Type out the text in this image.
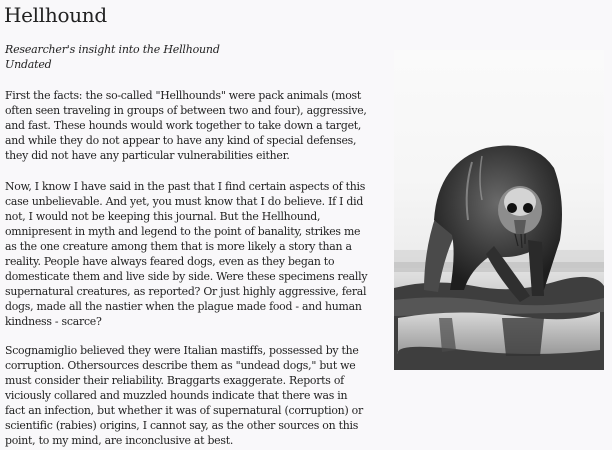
Hellhound
Researcher's insight into the Hellhound
Undated

First the facts: the so-called "Hellhounds" were pack animals (most
often seen traveling in groups of between two and four), aggressive,
and fast. These hounds would work together to take down a target,
and while they do not appear to have any kind of special defenses,
they did not have any particular vulnerabilities either.

Now, I know I have said in the past that I find certain aspects of this
case unbelievable. And yet, you must know that I do believe. If I did
not, I would not be keeping this journal. But the Hellhound,
omnipresent in myth and legend to the point of banality, strikes me
as the one creature among them that is more likely a story than a
reality. People have always feared dogs, even as they began to
domesticate them and live side by side. Were these specimens really
supernatural creatures, as reported? Or just highly aggressive, feral
dogs, made all the nastier when the plague made food - and human
kindness - scarce?

Scognamiglio believed they were Italian mastiffs, possessed by the
corruption. Othersources describe them as "undead dogs," but we
must consider their reliability. Braggarts exaggerate. Reports of
viciously collared and muzzled hounds indicate that there was in
fact an infection, but whether it was of supernatural (corruption) or
scientific (rabies) origins, I cannot say, as the other sources on this
point, to my mind, are inconclusive at best.
